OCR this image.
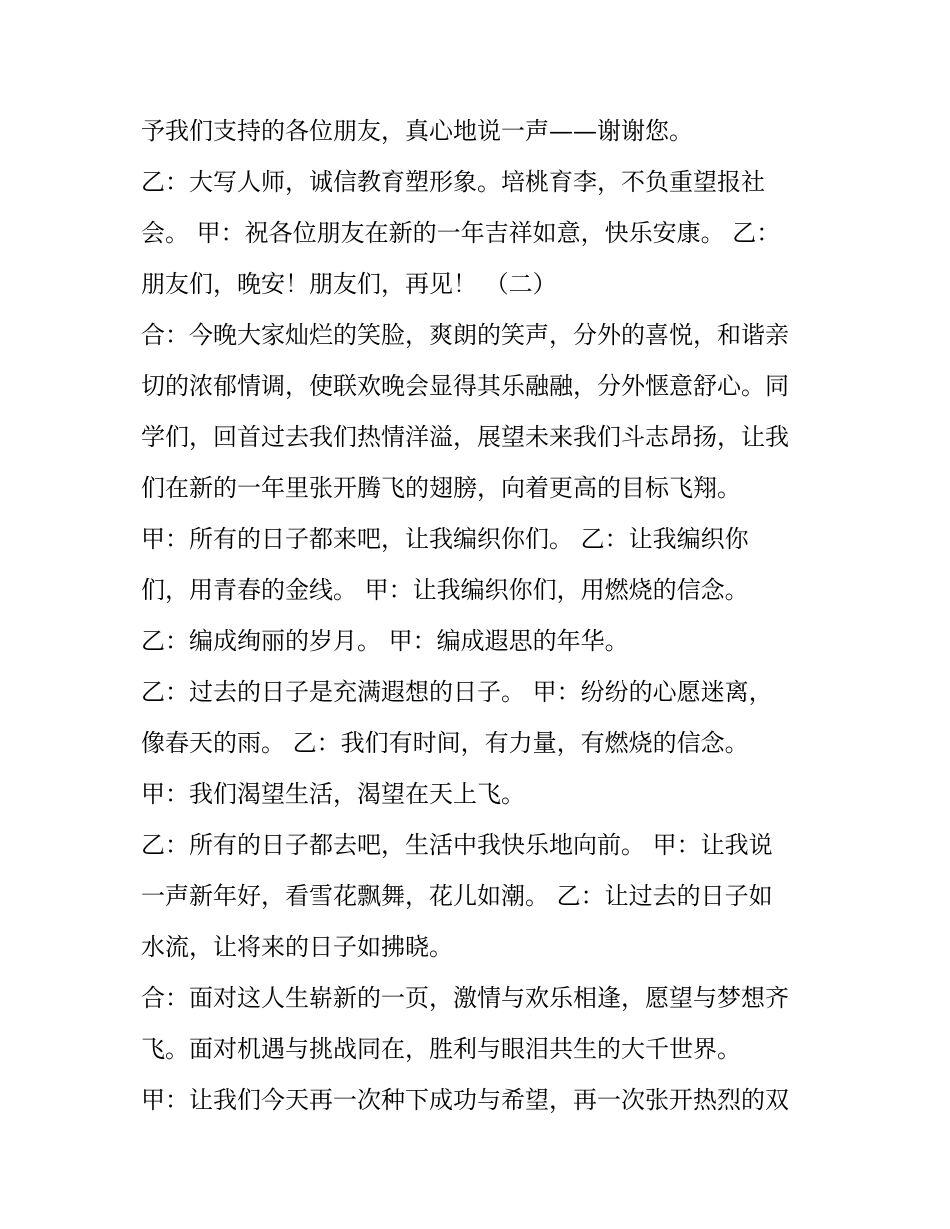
予我们支持的各位朋友，真心地说一声——谢谢您。
乙：大写人师，诚信教育塑形象。培桃育李，不负重望报社
会。 甲：祝各位朋友在新的一年吉祥如意，快乐安康。 乙：
朋友们，晚安！朋友们，再见！ （二）
合：今晚大家灿烂的笑脸，爽朗的笑声，分外的喜悦，和谐亲
切的浓郁情调，使联欢晚会显得其乐融融，分外惬意舒心。同
学们，回首过去我们热情洋溢，展望未来我们斗志昂扬，让我
们在新的一年里张开腾飞的翅膀，向着更高的目标飞翔。
甲：所有的日子都来吧，让我编织你们。 乙：让我编织你
们，用青春的金线。 甲：让我编织你们，用燃烧的信念。
乙：编成绚丽的岁月。 甲：编成遐思的年华。
乙：过去的日子是充满遐想的日子。 甲：纷纷的心愿迷离，
像春天的雨。 乙：我们有时间，有力量，有燃烧的信念。
甲：我们渴望生活，渴望在天上飞。
乙：所有的日子都去吧，生活中我快乐地向前。 甲：让我说
一声新年好，看雪花飘舞，花儿如潮。 乙：让过去的日子如
水流，让将来的日子如拂晓。
合：面对这人生崭新的一页，激情与欢乐相逢，愿望与梦想齐
飞。面对机遇与挑战同在，胜利与眼泪共生的大千世界。
甲：让我们今天再一次种下成功与希望，再一次张开热烈的双
